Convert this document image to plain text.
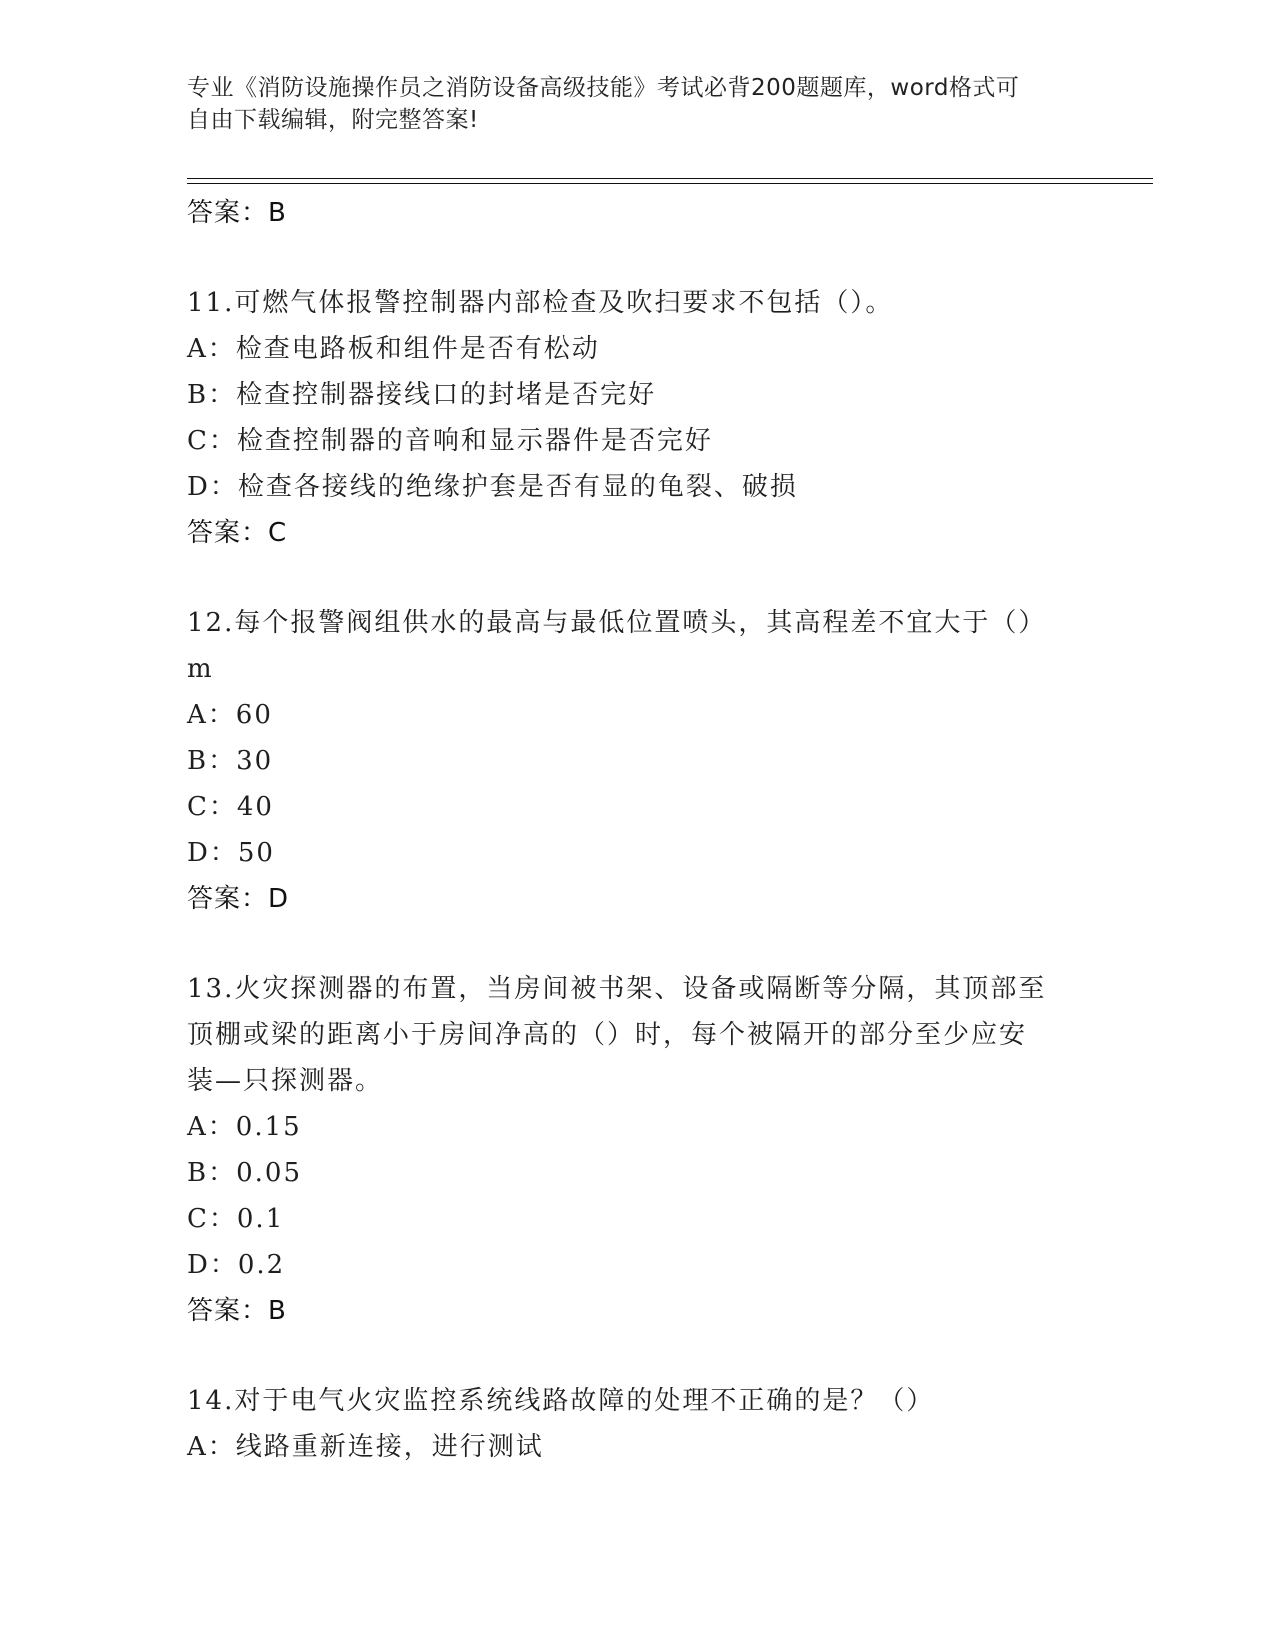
专业《消防设施操作员之消防设备高级技能》考试必背200题题库，word格式可
自由下载编辑，附完整答案!
答案：B
11.可燃气体报警控制器内部检查及吹扫要求不包括（）。
A：检查电路板和组件是否有松动
B：检查控制器接线口的封堵是否完好
C：检查控制器的音响和显示器件是否完好
D：检查各接线的绝缘护套是否有显的龟裂、破损
答案：C
12.每个报警阀组供水的最高与最低位置喷头，其高程差不宜大于（）
m
A：60
B：30
C：40
D：50
答案：D
13.火灾探测器的布置，当房间被书架、设备或隔断等分隔，其顶部至
顶棚或梁的距离小于房间净高的（）时，每个被隔开的部分至少应安
装—只探测器。
A：0.15
B：0.05
C：0.1
D：0.2
答案：B
14.对于电气火灾监控系统线路故障的处理不正确的是？（）
A：线路重新连接，进行测试
